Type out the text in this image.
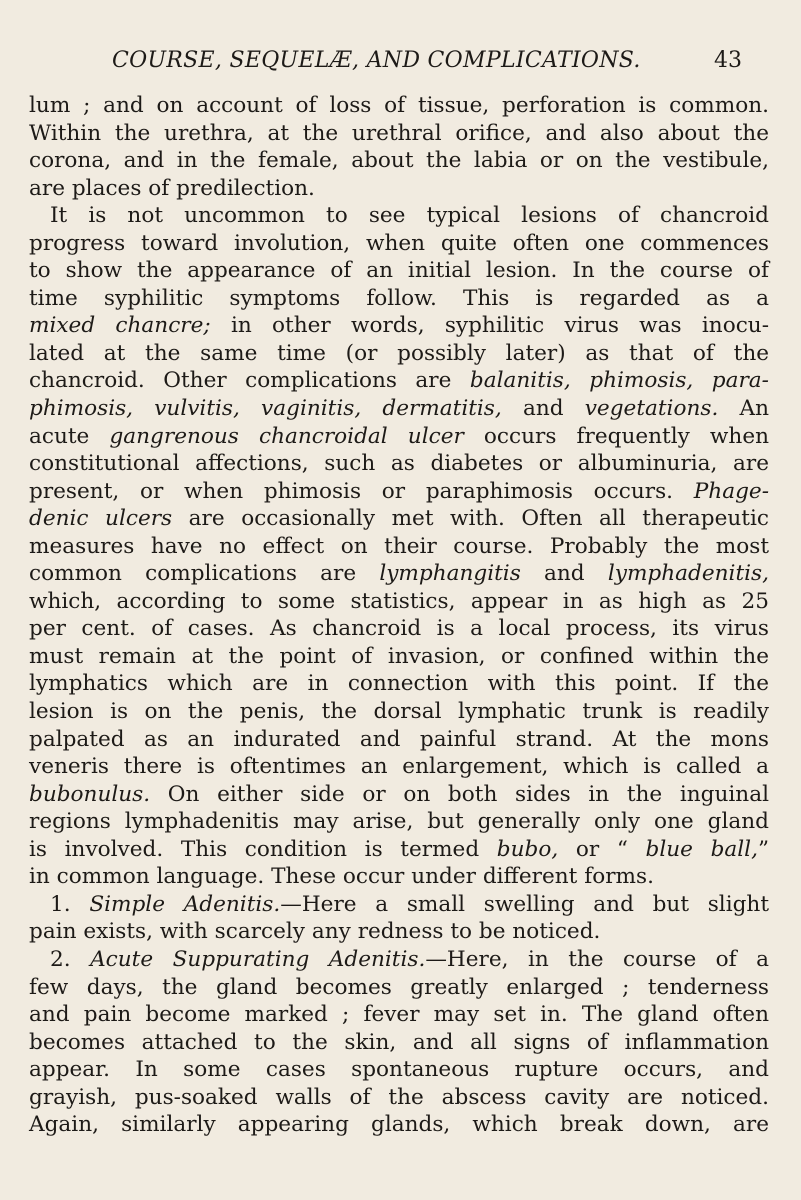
COURSE, SEQUELÆ, AND COMPLICATIONS.	43
lum ; and on account of loss of tissue, perforation is common.
Within the urethra, at the urethral orifice, and also about the
corona, and in the female, about the labia or on the vestibule,
are places of predilection.
It is not uncommon to see typical lesions of chancroid
progress toward involution, when quite often one commences
to show the appearance of an initial lesion. In the course of
time syphilitic symptoms follow. This is regarded as a
mixed chancre; in other words, syphilitic virus was inocu-
lated at the same time (or possibly later) as that of the
chancroid. Other complications are balanitis, phimosis, para-
phimosis, vulvitis, vaginitis, dermatitis, and vegetations. An
acute gangrenous chancroidal ulcer occurs frequently when
constitutional affections, such as diabetes or albuminuria, are
present, or when phimosis or paraphimosis occurs. Phage-
denic ulcers are occasionally met with. Often all therapeutic
measures have no effect on their course. Probably the most
common complications are lymphangitis and lymphadenitis,
which, according to some statistics, appear in as high as 25
per cent. of cases. As chancroid is a local process, its virus
must remain at the point of invasion, or confined within the
lymphatics which are in connection with this point. If the
lesion is on the penis, the dorsal lymphatic trunk is readily
palpated as an indurated and painful strand. At the mons
veneris there is oftentimes an enlargement, which is called a
bubonulus. On either side or on both sides in the inguinal
regions lymphadenitis may arise, but generally only one gland
is involved. This condition is termed bubo, or “ blue ball,”
in common language. These occur under different forms.
1. Simple Adenitis.—Here a small swelling and but slight
pain exists, with scarcely any redness to be noticed.
2. Acute Suppurating Adenitis.—Here, in the course of a
few days, the gland becomes greatly enlarged ; tenderness
and pain become marked ; fever may set in. The gland often
becomes attached to the skin, and all signs of inflammation
appear. In some cases spontaneous rupture occurs, and
grayish, pus-soaked walls of the abscess cavity are noticed.
Again, similarly appearing glands, which break down, are
